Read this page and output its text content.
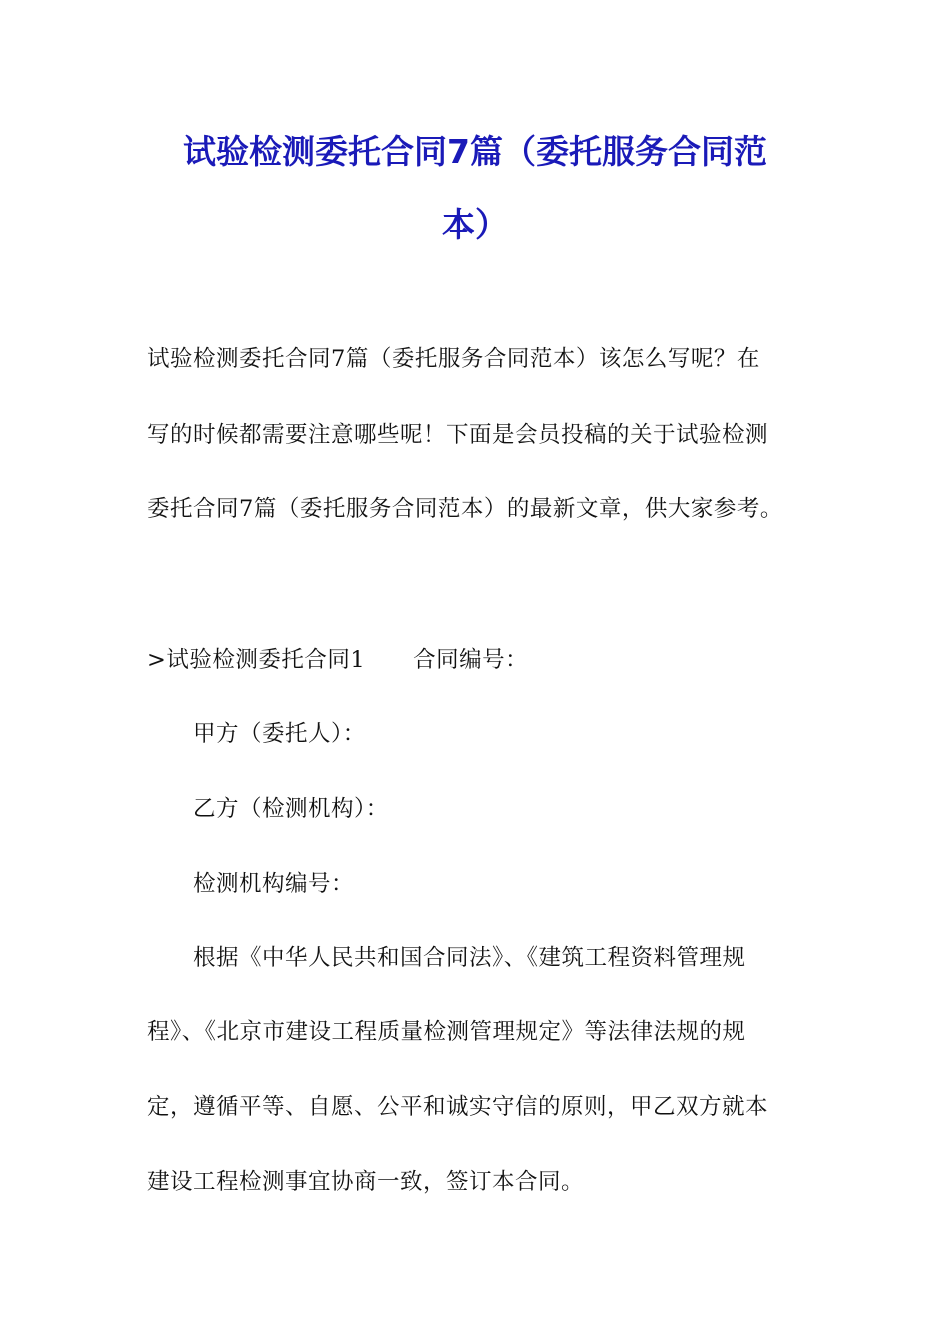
试验检测委托合同7篇（委托服务合同范
本）
试验检测委托合同7篇（委托服务合同范本）该怎么写呢？在
写的时候都需要注意哪些呢！下面是会员投稿的关于试验检测
委托合同7篇（委托服务合同范本）的最新文章，供大家参考。
>试验检测委托合同1 合同编号：
甲方（委托人）：
乙方（检测机构）：
检测机构编号：
根据《中华人民共和国合同法》、《建筑工程资料管理规
程》、《北京市建设工程质量检测管理规定》等法律法规的规
定，遵循平等、自愿、公平和诚实守信的原则，甲乙双方就本
建设工程检测事宜协商一致，签订本合同。
